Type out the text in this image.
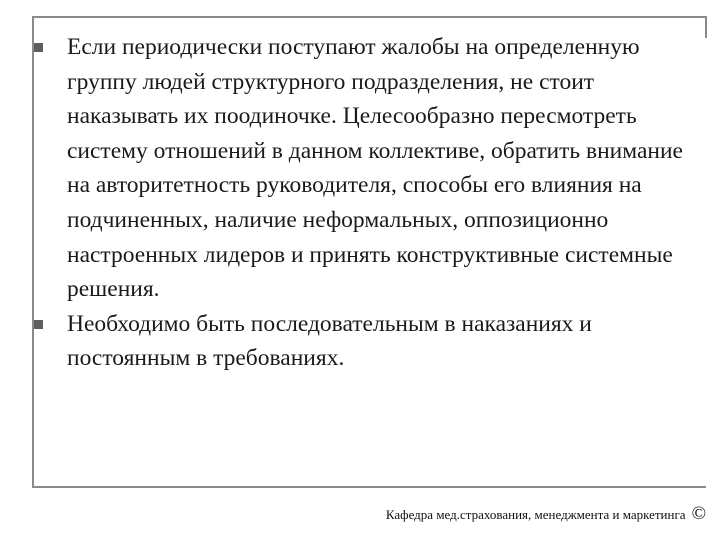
Если периодически поступают жалобы на определенную группу людей структурного подразделения, не стоит наказывать их поодиночке. Целесообразно пересмотреть систему отношений в данном коллективе, обратить внимание на авторитетность руководителя, способы его влияния на подчиненных, наличие неформальных, оппозиционно настроенных лидеров и принять конструктивные системные решения.
Необходимо быть последовательным в наказаниях и постоянным в требованиях.
Кафедра мед.страхования, менеджмента и маркетинга ©
